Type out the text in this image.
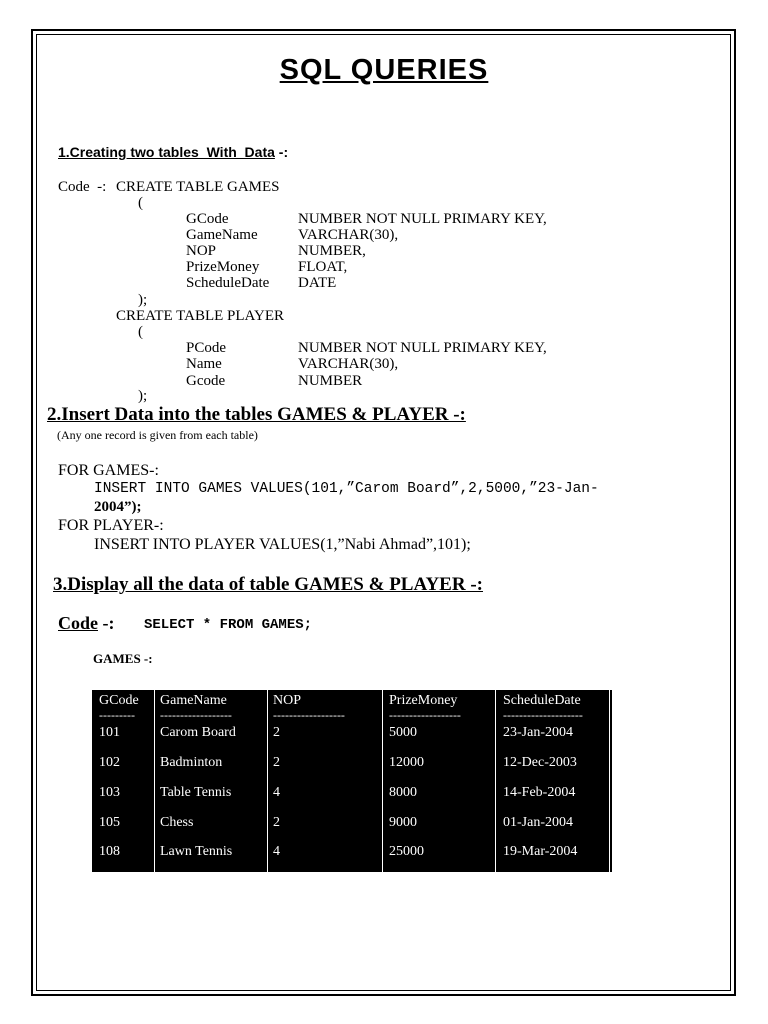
SQL QUERIES
1.Creating two tables  With  Data -:
Code  -: CREATE TABLE GAMES
(
GCode	NUMBER NOT NULL PRIMARY KEY,
GameName	VARCHAR(30),
NOP	NUMBER,
PrizeMoney	FLOAT,
ScheduleDate DATE
);
CREATE TABLE PLAYER
(
PCode	NUMBER NOT NULL PRIMARY KEY,
Name	VARCHAR(30),
Gcode	NUMBER
);
2.Insert Data into the tables GAMES & PLAYER -:
(Any one record is given from each table)
FOR GAMES-:
INSERT INTO GAMES VALUES(101,”Carom Board”,2,5000,”23-Jan-
2004”);
FOR PLAYER-:
INSERT INTO PLAYER VALUES(1,”Nabi Ahmad”,101);
3.Display all the data of table GAMES & PLAYER -:
Code -: SELECT * FROM GAMES;
GAMES -:
GCode GameName	NOP	PrizeMoney	ScheduleDate
---------	------------------	------------------	------------------	--------------------
101	Carom Board	2	5000	23-Jan-2004
102	Badminton	2	12000	12-Dec-2003
103	Table Tennis	4	8000	14-Feb-2004
105	Chess	2	9000	01-Jan-2004
108	Lawn Tennis	4	25000	19-Mar-2004
